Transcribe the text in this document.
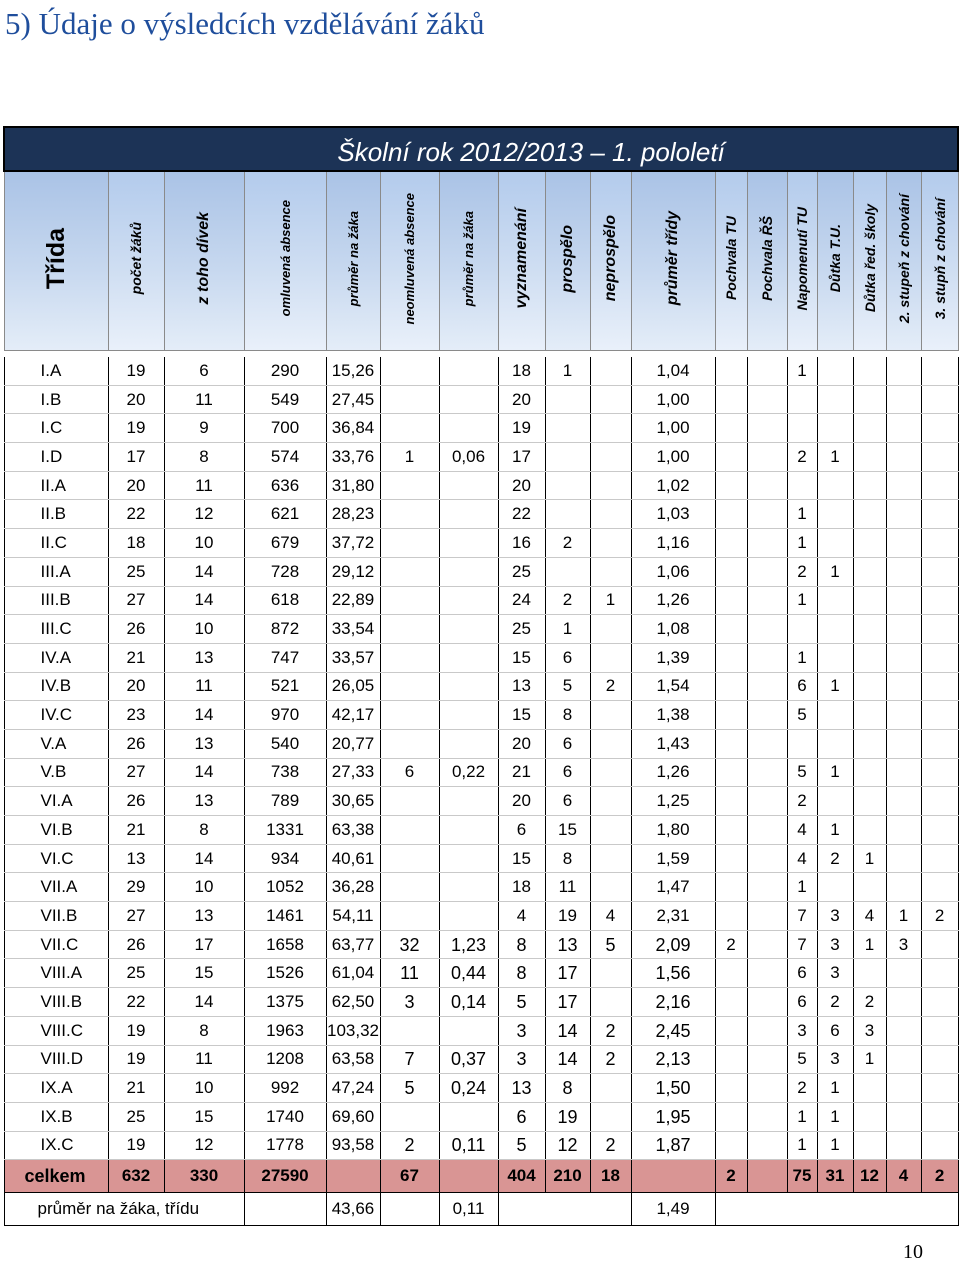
5) Údaje o výsledcích vzdělávání žáků
Školní rok 2012/2013 – 1. pololetí																	
Třída	počet žáků	z toho dívek	omluvená absence	průměr na žáka	neomluvená absence	průměr na žáka	vyznamenání	prospělo	neprospělo	průměr třídy	Pochvala TU	Pochvala ŘŠ	Napomenutí TU	Důtka T.U.	Důtka řed. školy	2. stupeň z chování	3. stupň z chování

I.A	19	6	290	15,26			18	1		1,04			1				
I.B	20	11	549	27,45			20			1,00							
I.C	19	9	700	36,84			19			1,00							
I.D	17	8	574	33,76	1	0,06	17			1,00			2	1			
II.A	20	11	636	31,80			20			1,02							
II.B	22	12	621	28,23			22			1,03			1				
II.C	18	10	679	37,72			16	2		1,16			1				
III.A	25	14	728	29,12			25			1,06			2	1			
III.B	27	14	618	22,89			24	2	1	1,26			1				
III.C	26	10	872	33,54			25	1		1,08							
IV.A	21	13	747	33,57			15	6		1,39			1				
IV.B	20	11	521	26,05			13	5	2	1,54			6	1			
IV.C	23	14	970	42,17			15	8		1,38			5				
V.A	26	13	540	20,77			20	6		1,43							
V.B	27	14	738	27,33	6	0,22	21	6		1,26			5	1			
VI.A	26	13	789	30,65			20	6		1,25			2				
VI.B	21	8	1331	63,38			6	15		1,80			4	1			
VI.C	13	14	934	40,61			15	8		1,59			4	2	1		
VII.A	29	10	1052	36,28			18	11		1,47			1				
VII.B	27	13	1461	54,11			4	19	4	2,31			7	3	4	1	2
VII.C	26	17	1658	63,77	32	1,23	8	13	5	2,09	2		7	3	1	3	
VIII.A	25	15	1526	61,04	11	0,44	8	17		1,56			6	3			
VIII.B	22	14	1375	62,50	3	0,14	5	17		2,16			6	2	2		
VIII.C	19	8	1963	103,32			3	14	2	2,45			3	6	3		
VIII.D	19	11	1208	63,58	7	0,37	3	14	2	2,13			5	3	1		
IX.A	21	10	992	47,24	5	0,24	13	8		1,50			2	1			
IX.B	25	15	1740	69,60			6	19		1,95			1	1			
IX.C	19	12	1778	93,58	2	0,11	5	12	2	1,87			1	1			
celkem	632	330	27590		67		404	210	18		2		75	31	12	4	2
průměr na žáka, třídu				43,66		0,11				1,49							

10
